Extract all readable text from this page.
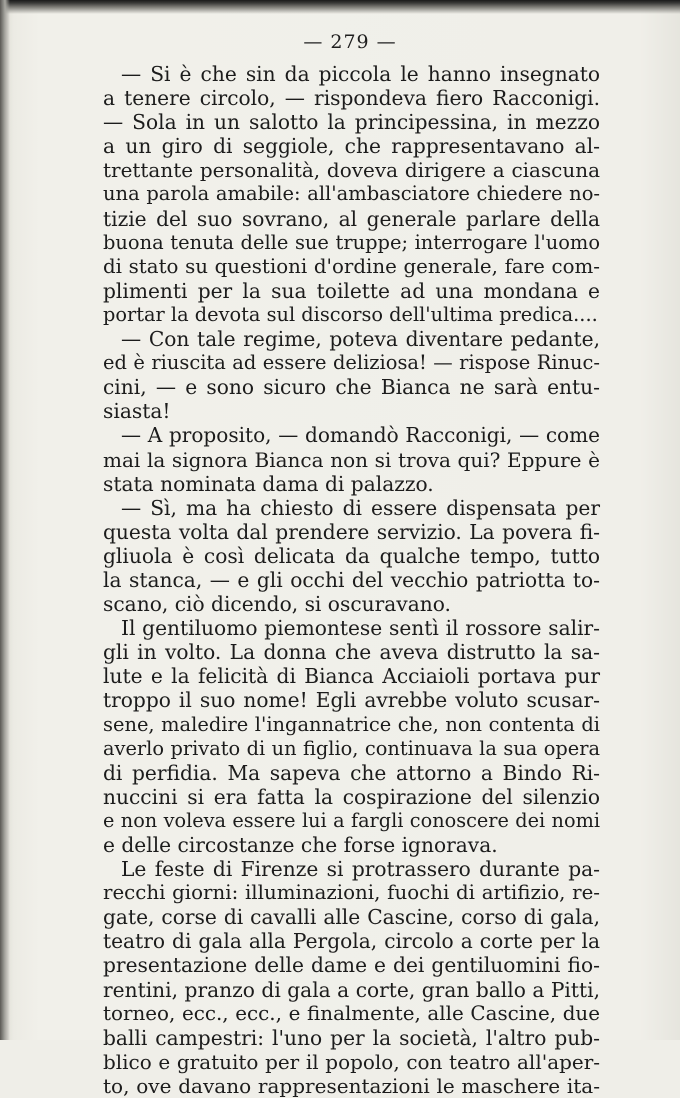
— 279 —
— Si è che sin da piccola le hanno insegnato
a tenere circolo, — rispondeva fiero Racconigi.
— Sola in un salotto la principessina, in mezzo
a un giro di seggiole, che rappresentavano al-
trettante personalità, doveva dirigere a ciascuna
una parola amabile: all'ambasciatore chiedere no-
tizie del suo sovrano, al generale parlare della
buona tenuta delle sue truppe; interrogare l'uomo
di stato su questioni d'ordine generale, fare com-
plimenti per la sua toilette ad una mondana e
portar la devota sul discorso dell'ultima predica....
— Con tale regime, poteva diventare pedante,
ed è riuscita ad essere deliziosa! — rispose Rinuc-
cini, — e sono sicuro che Bianca ne sarà entu-
siasta!
— A proposito, — domandò Racconigi, — come
mai la signora Bianca non si trova qui? Eppure è
stata nominata dama di palazzo.
— Sì, ma ha chiesto di essere dispensata per
questa volta dal prendere servizio. La povera fi-
gliuola è così delicata da qualche tempo, tutto
la stanca, — e gli occhi del vecchio patriotta to-
scano, ciò dicendo, si oscuravano.
Il gentiluomo piemontese sentì il rossore salir-
gli in volto. La donna che aveva distrutto la sa-
lute e la felicità di Bianca Acciaioli portava pur
troppo il suo nome! Egli avrebbe voluto scusar-
sene, maledire l'ingannatrice che, non contenta di
averlo privato di un figlio, continuava la sua opera
di perfidia. Ma sapeva che attorno a Bindo Ri-
nuccini si era fatta la cospirazione del silenzio
e non voleva essere lui a fargli conoscere dei nomi
e delle circostanze che forse ignorava.
Le feste di Firenze si protrassero durante pa-
recchi giorni: illuminazioni, fuochi di artifizio, re-
gate, corse di cavalli alle Cascine, corso di gala,
teatro di gala alla Pergola, circolo a corte per la
presentazione delle dame e dei gentiluomini fio-
rentini, pranzo di gala a corte, gran ballo a Pitti,
torneo, ecc., ecc., e finalmente, alle Cascine, due
balli campestri: l'uno per la società, l'altro pub-
blico e gratuito per il popolo, con teatro all'aper-
to, ove davano rappresentazioni le maschere ita-
